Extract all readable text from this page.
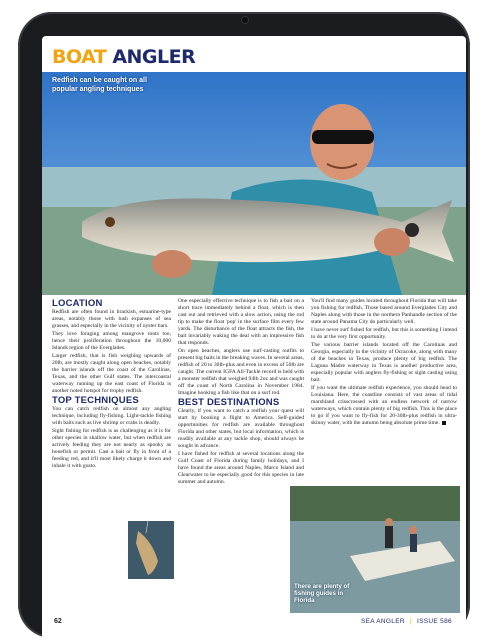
BOAT ANGLER
Redfish can be caught on all popular angling techniques
LOCATION

Redfish are often found in brackish, estuarine-type areas, notably those with lush expanses of sea grasses, and especially in the vicinity of oyster bars.

They love foraging among mangrove roots too, hence their proliferation throughout the 10,000 Islands region of the Everglades.

Larger redfish, that is fish weighing upwards of 20lb, are mostly caught along open beaches, notably the barrier islands off the coast of the Carolinas, Texas, and the other Gulf states. The intercoastal waterway running up the east coast of Florida is another noted hotspot for trophy redfish.

TOP TECHNIQUES

You can catch redfish on almost any angling technique, including fly-fishing. Light-tackle fishing with baits such as live shrimp or crabs is deadly.

Sight fishing for redfish is as challenging as it is for other species in shallow water, but when redfish are actively feeding they are not nearly as spooky as bonefish or permit. Cast a bait or fly in front of a feeding red, and it'll most likely charge it down and inhale it with gusto.

One especially effective technique is to fish a bait on a short trace immediately behind a float, which is then cast out and retrieved with a slow action, using the rod tip to make the float 'pop' in the surface film every few yards. The disturbance of the float attracts the fish, the bait invariably waking the deal with an impressive fish that responds.

On open beaches, anglers use surf-casting outfits to present big baits in the breaking waves. In several areas, redfish of 20 to 30lb-plus and even in excess of 50lb are caught. The current IGFA All-Tackle record is held with a monster redfish that weighed 94lb 2oz and was caught off the coast of North Carolina in November 1984. Imagine hooking a fish like that on a surf rod.

BEST DESTINATIONS

Clearly, if you want to catch a redfish your quest will start by booking a flight to America. Self-guided opportunities for redfish are available throughout Florida and other states, but local information, which is readily available at any tackle shop, should always be sought in advance.

I have fished for redfish at several locations along the Gulf Coast of Florida during family holidays, and I have found the areas around Naples, Marco Island and Clearwater to be especially good for this species in late summer and autumn.

You'll find many guides located throughout Florida that will take you fishing for redfish. Those based around Everglades City and Naples along with those in the northern Panhandle section of the state around Panama City do particularly well.

I have never surf fished for redfish, but this is something I intend to do at the very first opportunity.

The various barrier islands located off the Carolinas and Georgia, especially in the vicinity of Ocracoke, along with many of the beaches in Texas, produce plenty of big redfish. The Laguna Madre waterway in Texas is another productive area, especially popular with anglers fly-fishing or sight casting using bait.

If you want the ultimate redfish experience, you should head to Louisiana. Here, the coastline consists of vast areas of tidal marshland crisscrossed with an endless network of narrow waterways, which contain plenty of big redfish. This is the place to go if you want to fly-fish for 20-30lb-plus redfish in ultra-skinny water, with the autumn being absolute prime time.

There are plenty of fishing guides in Florida
62	SEA ANGLER | ISSUE 586
